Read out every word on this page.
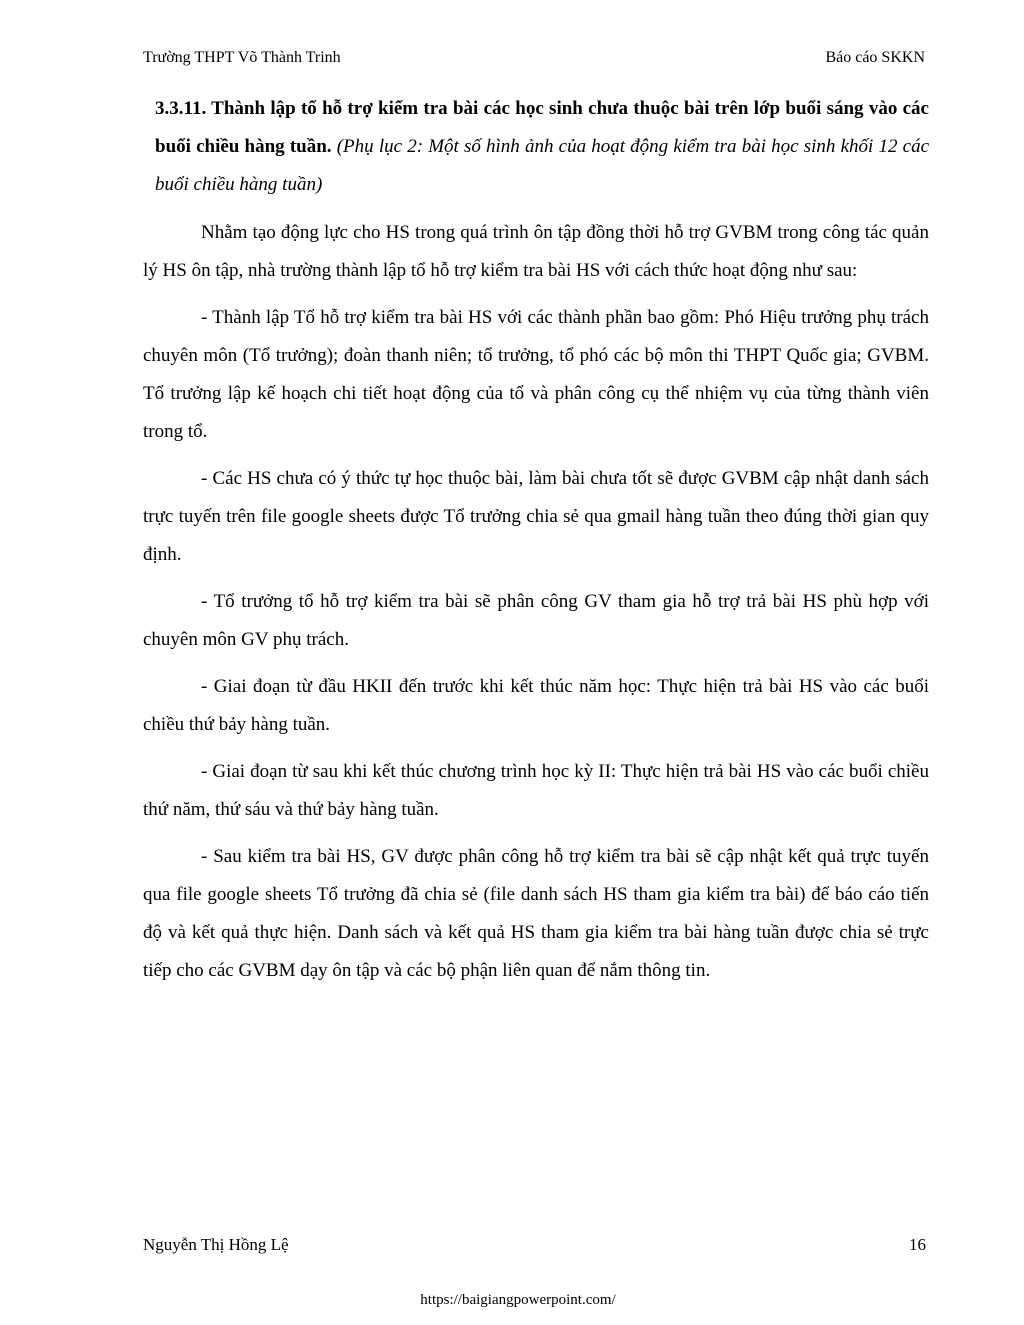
Trường THPT Võ Thành Trinh	Báo cáo SKKN

3.3.11. Thành lập tổ hỗ trợ kiểm tra bài các học sinh chưa thuộc bài trên lớp buổi sáng vào các buổi chiều hàng tuần. (Phụ lục 2: Một số hình ảnh của hoạt động kiểm tra bài học sinh khối 12 các buổi chiều hàng tuần)

Nhằm tạo động lực cho HS trong quá trình ôn tập đồng thời hỗ trợ GVBM trong công tác quản lý HS ôn tập, nhà trường thành lập tổ hỗ trợ kiểm tra bài HS với cách thức hoạt động như sau:

- Thành lập Tổ hỗ trợ kiểm tra bài HS với các thành phần bao gồm: Phó Hiệu trưởng phụ trách chuyên môn (Tổ trưởng); đoàn thanh niên; tổ trưởng, tổ phó các bộ môn thi THPT Quốc gia; GVBM. Tổ trưởng lập kế hoạch chi tiết hoạt động của tổ và phân công cụ thể nhiệm vụ của từng thành viên trong tổ.

- Các HS chưa có ý thức tự học thuộc bài, làm bài chưa tốt sẽ được GVBM cập nhật danh sách trực tuyến trên file google sheets được Tổ trưởng chia sẻ qua gmail hàng tuần theo đúng thời gian quy định.

- Tổ trưởng tổ hỗ trợ kiểm tra bài sẽ phân công GV tham gia hỗ trợ trả bài HS phù hợp với chuyên môn GV phụ trách.

- Giai đoạn từ đầu HKII đến trước khi kết thúc năm học: Thực hiện trả bài HS vào các buổi chiều thứ bảy hàng tuần.

- Giai đoạn từ sau khi kết thúc chương trình học kỳ II: Thực hiện trả bài HS vào các buổi chiều thứ năm, thứ sáu và thứ bảy hàng tuần.

- Sau kiểm tra bài HS, GV được phân công hỗ trợ kiểm tra bài sẽ cập nhật kết quả trực tuyến qua file google sheets Tổ trưởng đã chia sẻ (file danh sách HS tham gia kiểm tra bài) để báo cáo tiến độ và kết quả thực hiện. Danh sách và kết quả HS tham gia kiểm tra bài hàng tuần được chia sẻ trực tiếp cho các GVBM dạy ôn tập và các bộ phận liên quan để nắm thông tin.

Nguyễn Thị Hồng Lệ	16
https://baigiangpowerpoint.com/
